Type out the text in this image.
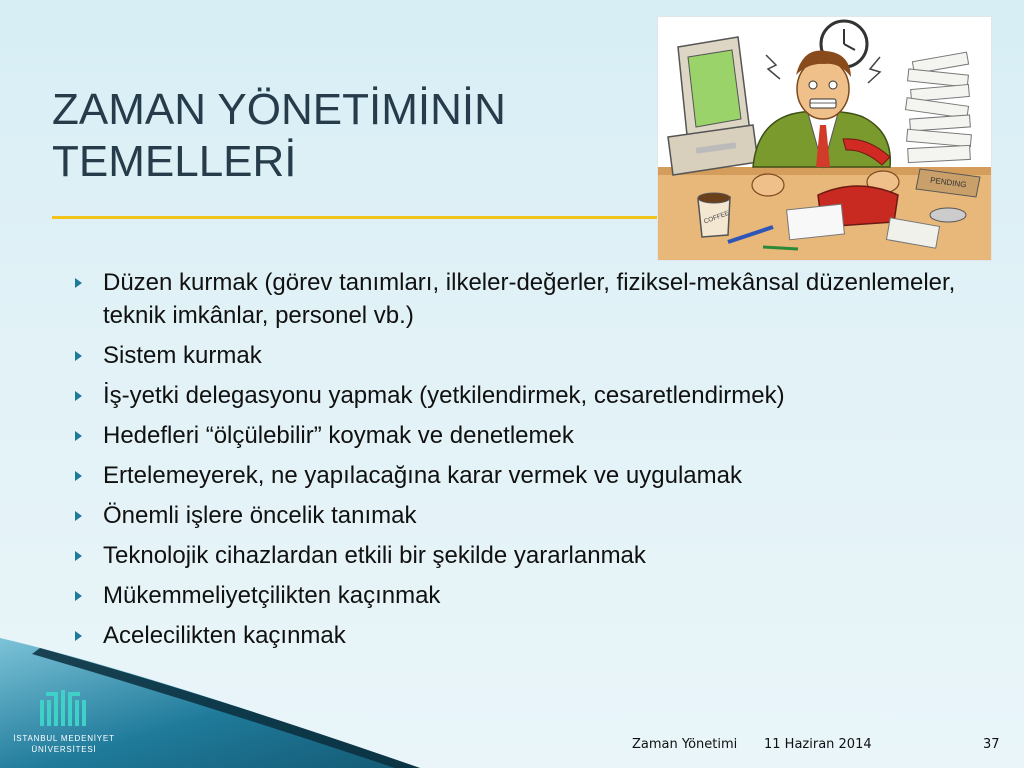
ZAMAN YÖNETİMİNİN
TEMELLERİ	PENDING
COFFEE
Düzen kurmak (görev tanımları, ilkeler-değerler, fiziksel-mekânsal düzenlemeler, teknik imkânlar, personel vb.)
Sistem kurmak
İş-yetki delegasyonu yapmak (yetkilendirmek, cesaretlendirmek)
Hedefleri “ölçülebilir” koymak ve denetlemek
Ertelemeyerek, ne yapılacağına karar vermek ve uygulamak
Önemli işlere öncelik tanımak
Teknolojik cihazlardan etkili bir şekilde yararlanmak
Mükemmeliyetçilikten kaçınmak
Acelecilikten kaçınmak
İSTANBUL MEDENİYET
ÜNİVERSİTESİ	Zaman Yönetimi 11 Haziran 2014	37
